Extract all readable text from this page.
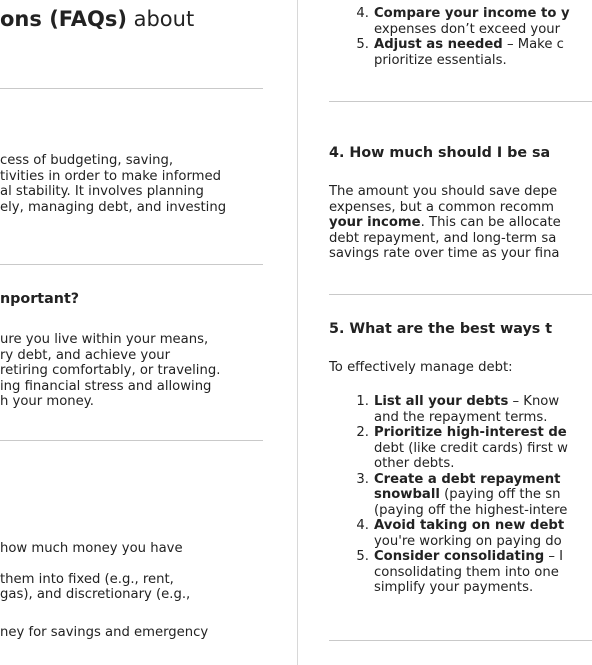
ons (FAQs) about
cess of budgeting, saving,
tivities in order to make informed
al stability. It involves planning
ely, managing debt, and investing
nportant?
ure you live within your means,
ry debt, and achieve your
retiring comfortably, or traveling.
ing financial stress and allowing
h your money.
how much money you have
them into fixed (e.g., rent,
gas), and discretionary (e.g.,
ney for savings and emergency
4. Compare your income to y
expenses don’t exceed your
5. Adjust as needed – Make c
prioritize essentials.
4. How much should I be sa
The amount you should save depe
expenses, but a common recomm
your income. This can be allocate
debt repayment, and long-term sa
savings rate over time as your fina
5. What are the best ways t
To effectively manage debt:
1. List all your debts – Know
and the repayment terms.
2. Prioritize high-interest de
debt (like credit cards) first w
other debts.
3. Create a debt repayment
snowball (paying off the sn
(paying off the highest-intere
4. Avoid taking on new debt
you're working on paying do
5. Consider consolidating – I
consolidating them into one
simplify your payments.
